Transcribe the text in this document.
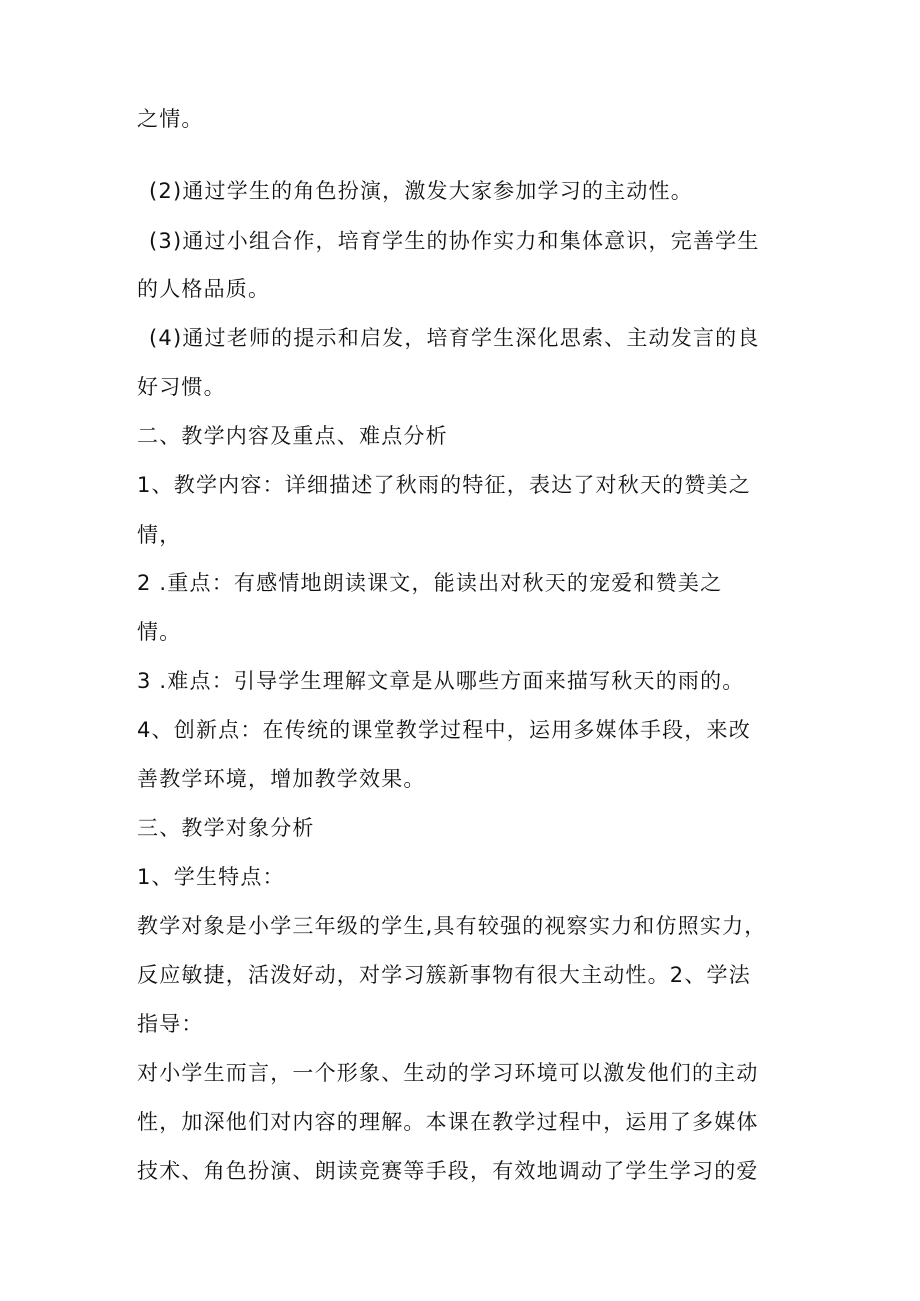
之情。
(2)通过学生的角色扮演，激发大家参加学习的主动性。
(3)通过小组合作，培育学生的协作实力和集体意识，完善学生
的人格品质。
(4)通过老师的提示和启发，培育学生深化思索、主动发言的良
好习惯。
二、教学内容及重点、难点分析
1、教学内容：详细描述了秋雨的特征，表达了对秋天的赞美之
情，
2 .重点：有感情地朗读课文，能读出对秋天的宠爱和赞美之
情。
3 .难点：引导学生理解文章是从哪些方面来描写秋天的雨的。
4、创新点：在传统的课堂教学过程中，运用多媒体手段，来改
善教学环境，增加教学效果。
三、教学对象分析
1、学生特点：
教学对象是小学三年级的学生,具有较强的视察实力和仿照实力，
反应敏捷，活泼好动，对学习簇新事物有很大主动性。2、学法
指导：
对小学生而言，一个形象、生动的学习环境可以激发他们的主动
性，加深他们对内容的理解。本课在教学过程中，运用了多媒体
技术、角色扮演、朗读竞赛等手段，有效地调动了学生学习的爱
